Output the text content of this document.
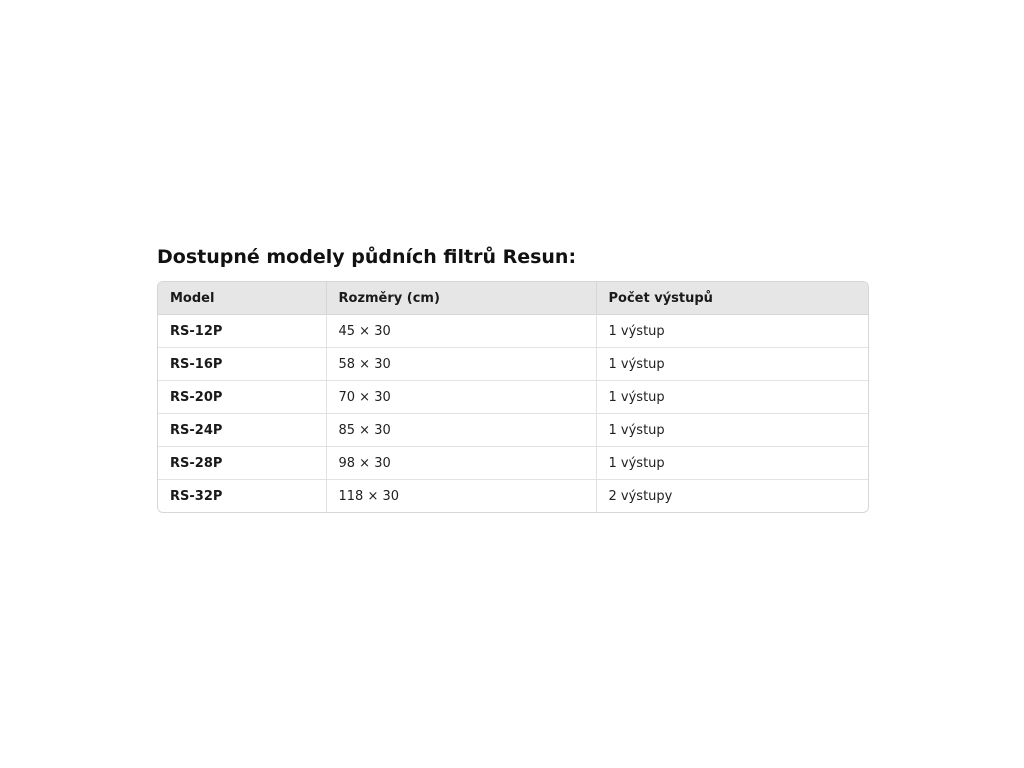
Dostupné modely půdních filtrů Resun:
Model	Rozměry (cm)	Počet výstupů
RS-12P	45 × 30	1 výstup
RS-16P	58 × 30	1 výstup
RS-20P	70 × 30	1 výstup
RS-24P	85 × 30	1 výstup
RS-28P	98 × 30	1 výstup
RS-32P	118 × 30	2 výstupy
